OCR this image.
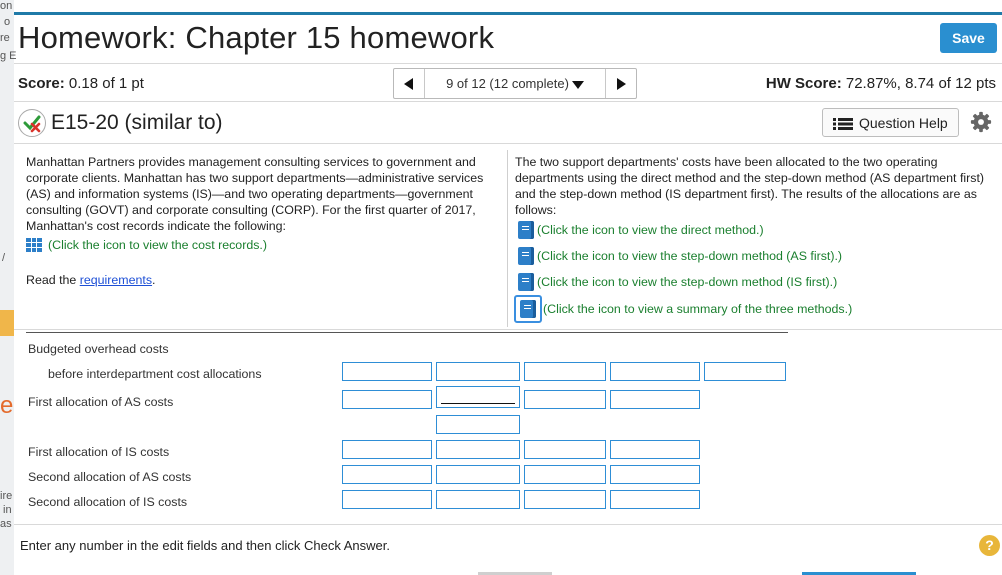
on
o
re
g E
/
ire
in
as
e
Homework: Chapter 15 homework	Save
Score: 0.18 of 1 pt	9 of 12 (12 complete)	HW Score: 72.87%, 8.74 of 12 pts
E15-20 (similar to)	Question Help
Manhattan Partners provides management consulting services to government and corporate clients. Manhattan has two support departments—administrative services (AS) and information systems (IS)—and two operating departments—government consulting (GOVT) and corporate consulting (CORP). For the first quarter of 2017, Manhattan's cost records indicate the following:
(Click the icon to view the cost records.)
Read the requirements.
The two support departments' costs have been allocated to the two operating departments using the direct method and the step-down method (AS department first) and the step-down method (IS department first). The results of the allocations are as follows:
(Click the icon to view the direct method.)
(Click the icon to view the step-down method (AS first).)
(Click the icon to view the step-down method (IS first).)
(Click the icon to view a summary of the three methods.)
Budgeted overhead costs
before interdepartment cost allocations
First allocation of AS costs
First allocation of IS costs
Second allocation of AS costs
Second allocation of IS costs
Enter any number in the edit fields and then click Check Answer.	?
